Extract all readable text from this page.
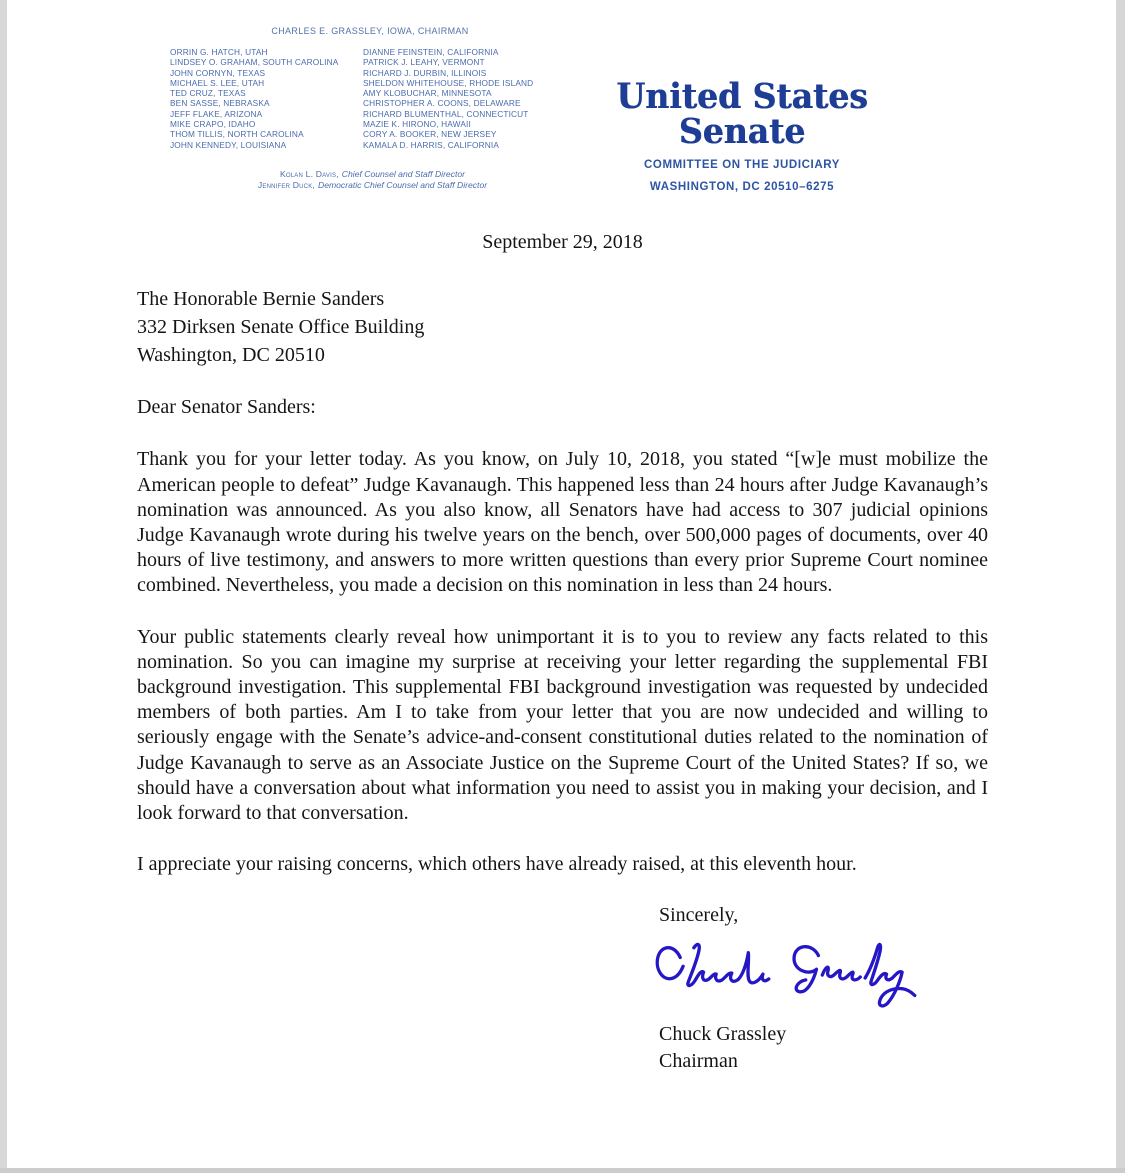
CHARLES E. GRASSLEY, IOWA, CHAIRMAN
ORRIN G. HATCH, UTAH
LINDSEY O. GRAHAM, SOUTH CAROLINA
JOHN CORNYN, TEXAS
MICHAEL S. LEE, UTAH
TED CRUZ, TEXAS
BEN SASSE, NEBRASKA
JEFF FLAKE, ARIZONA
MIKE CRAPO, IDAHO
THOM TILLIS, NORTH CAROLINA
JOHN KENNEDY, LOUISIANA
DIANNE FEINSTEIN, CALIFORNIA
PATRICK J. LEAHY, VERMONT
RICHARD J. DURBIN, ILLINOIS
SHELDON WHITEHOUSE, RHODE ISLAND
AMY KLOBUCHAR, MINNESOTA
CHRISTOPHER A. COONS, DELAWARE
RICHARD BLUMENTHAL, CONNECTICUT
MAZIE K. HIRONO, HAWAII
CORY A. BOOKER, NEW JERSEY
KAMALA D. HARRIS, CALIFORNIA
Kolan L. Davis, Chief Counsel and Staff Director
Jennifer Duck, Democratic Chief Counsel and Staff Director
United States Senate
COMMITTEE ON THE JUDICIARY
WASHINGTON, DC 20510–6275
September 29, 2018
The Honorable Bernie Sanders
332 Dirksen Senate Office Building
Washington, DC 20510
Dear Senator Sanders:

Thank you for your letter today. As you know, on July 10, 2018, you stated “[w]e must mobilize the American people to defeat” Judge Kavanaugh. This happened less than 24 hours after Judge Kavanaugh’s nomination was announced. As you also know, all Senators have had access to 307 judicial opinions Judge Kavanaugh wrote during his twelve years on the bench, over 500,000 pages of documents, over 40 hours of live testimony, and answers to more written questions than every prior Supreme Court nominee combined. Nevertheless, you made a decision on this nomination in less than 24 hours.

Your public statements clearly reveal how unimportant it is to you to review any facts related to this nomination. So you can imagine my surprise at receiving your letter regarding the supplemental FBI background investigation. This supplemental FBI background investigation was requested by undecided members of both parties. Am I to take from your letter that you are now undecided and willing to seriously engage with the Senate’s advice-and-consent constitutional duties related to the nomination of Judge Kavanaugh to serve as an Associate Justice on the Supreme Court of the United States? If so, we should have a conversation about what information you need to assist you in making your decision, and I look forward to that conversation.

I appreciate your raising concerns, which others have already raised, at this eleventh hour.

Sincerely,
Chuck Grassley
Chairman
